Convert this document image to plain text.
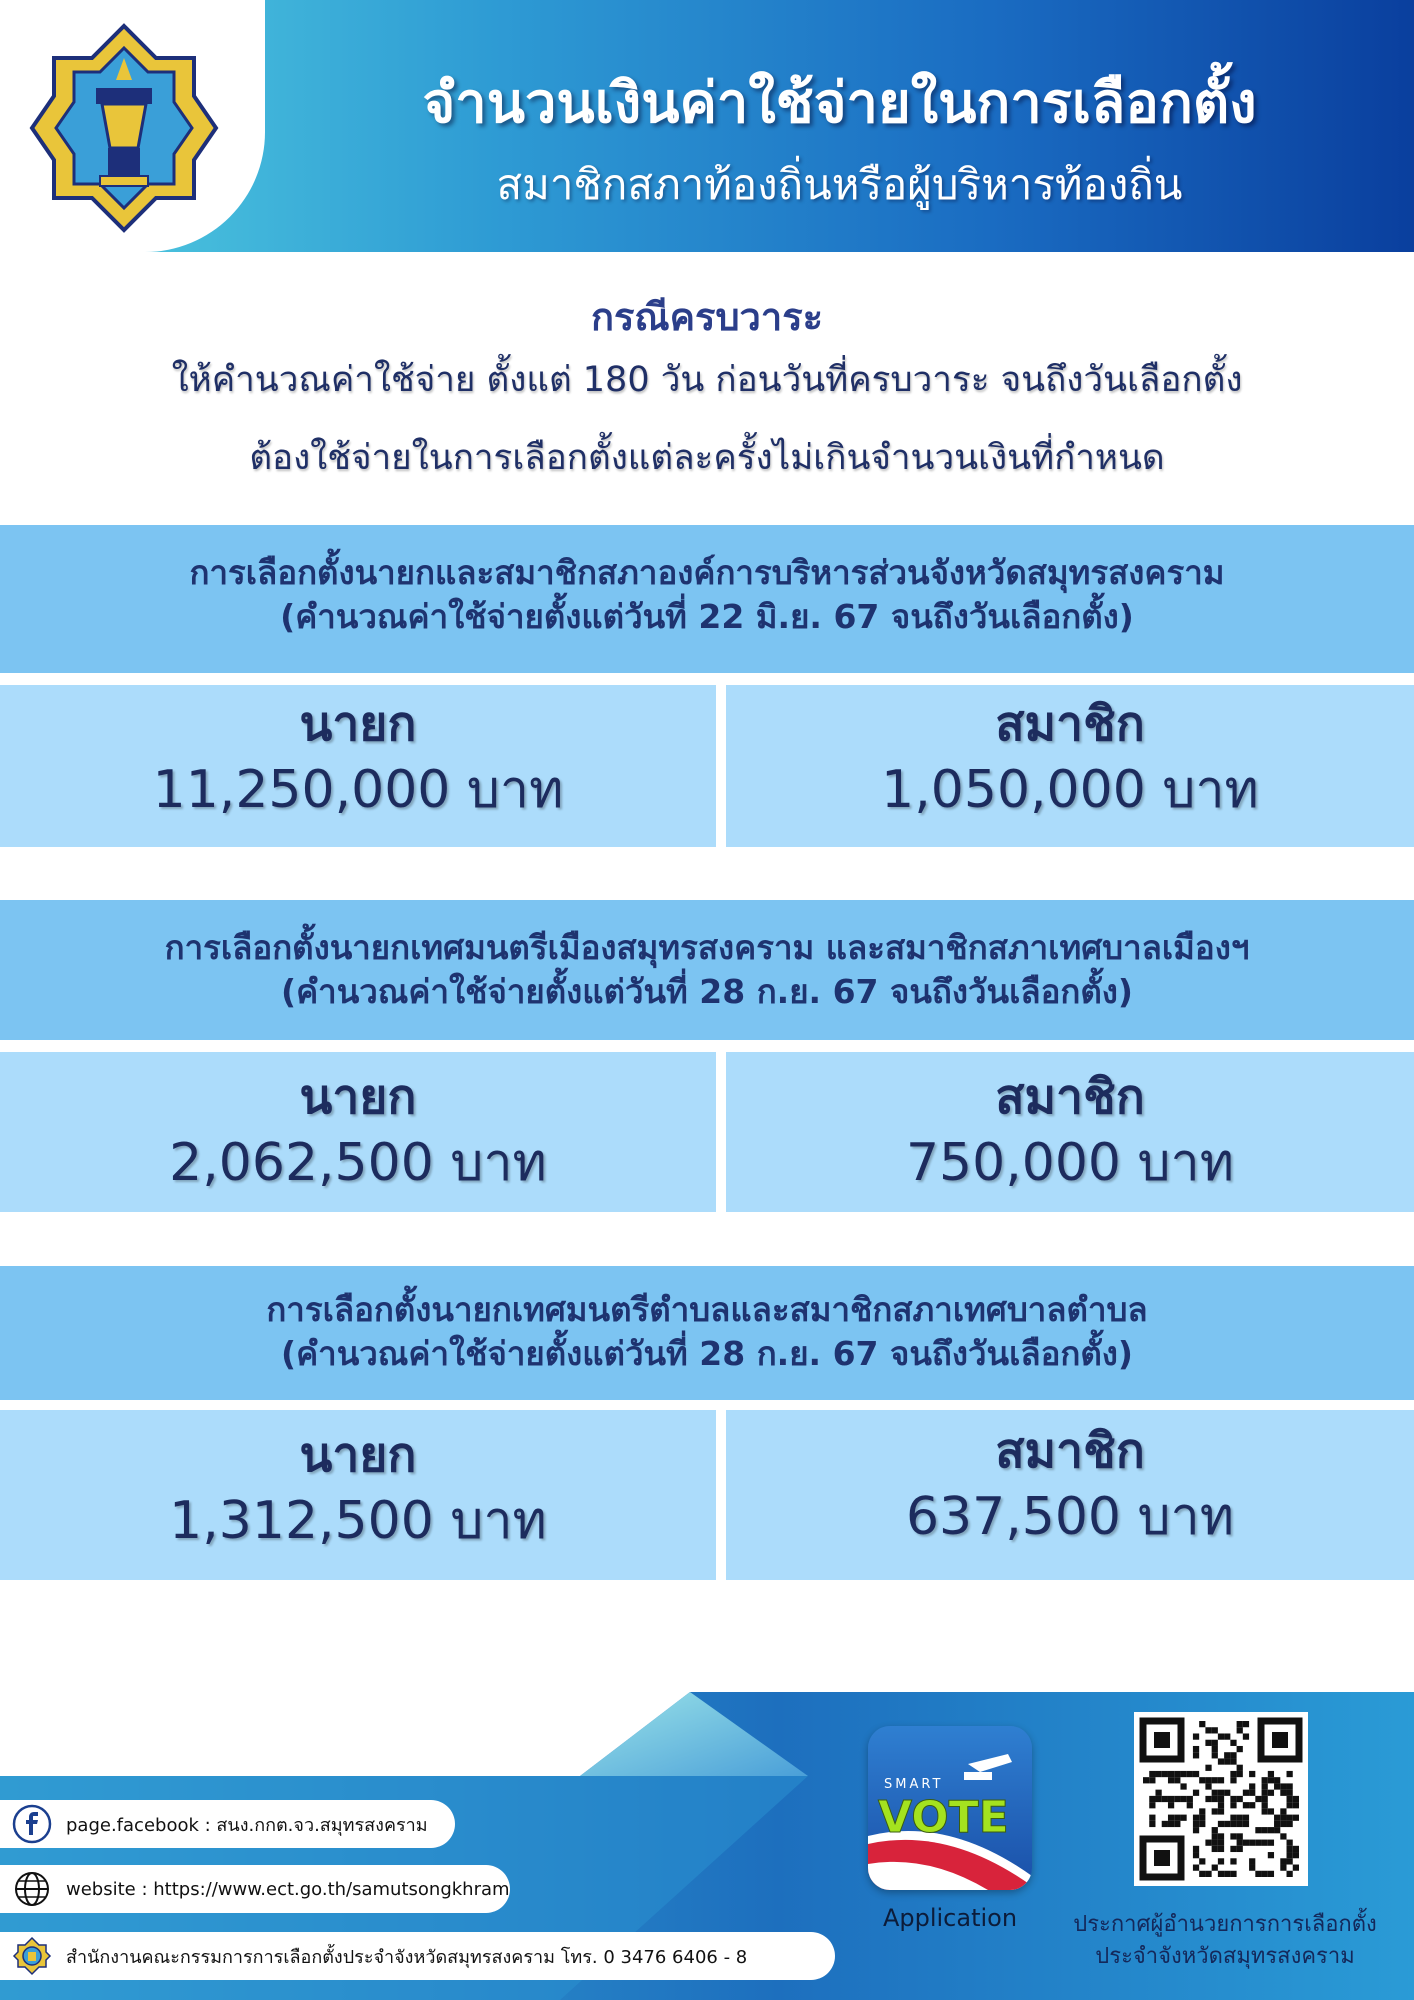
จำนวนเงินค่าใช้จ่ายในการเลือกตั้ง
สมาชิกสภาท้องถิ่นหรือผู้บริหารท้องถิ่น
กรณีครบวาระ
ให้คำนวณค่าใช้จ่าย ตั้งแต่ 180 วัน ก่อนวันที่ครบวาระ จนถึงวันเลือกตั้ง
ต้องใช้จ่ายในการเลือกตั้งแต่ละครั้งไม่เกินจำนวนเงินที่กำหนด
การเลือกตั้งนายกและสมาชิกสภาองค์การบริหารส่วนจังหวัดสมุทรสงคราม
(คำนวณค่าใช้จ่ายตั้งแต่วันที่ 22 มิ.ย. 67 จนถึงวันเลือกตั้ง)
นายก
11,250,000 บาท
สมาชิก
1,050,000 บาท
การเลือกตั้งนายกเทศมนตรีเมืองสมุทรสงคราม และสมาชิกสภาเทศบาลเมืองฯ
(คำนวณค่าใช้จ่ายตั้งแต่วันที่ 28 ก.ย. 67 จนถึงวันเลือกตั้ง)
นายก
2,062,500 บาท
สมาชิก
750,000 บาท
การเลือกตั้งนายกเทศมนตรีตำบลและสมาชิกสภาเทศบาลตำบล
(คำนวณค่าใช้จ่ายตั้งแต่วันที่ 28 ก.ย. 67 จนถึงวันเลือกตั้ง)
นายก
1,312,500 บาท
สมาชิก
637,500 บาท
page.facebook : สนง.กกต.จว.สมุทรสงคราม
website : https://www.ect.go.th/samutsongkhram
สำนักงานคณะกรรมการการเลือกตั้งประจำจังหวัดสมุทรสงคราม โทร. 0 3476 6406 - 8
SMART
VOTE
Application	ประกาศผู้อำนวยการการเลือกตั้ง
ประจำจังหวัดสมุทรสงคราม
